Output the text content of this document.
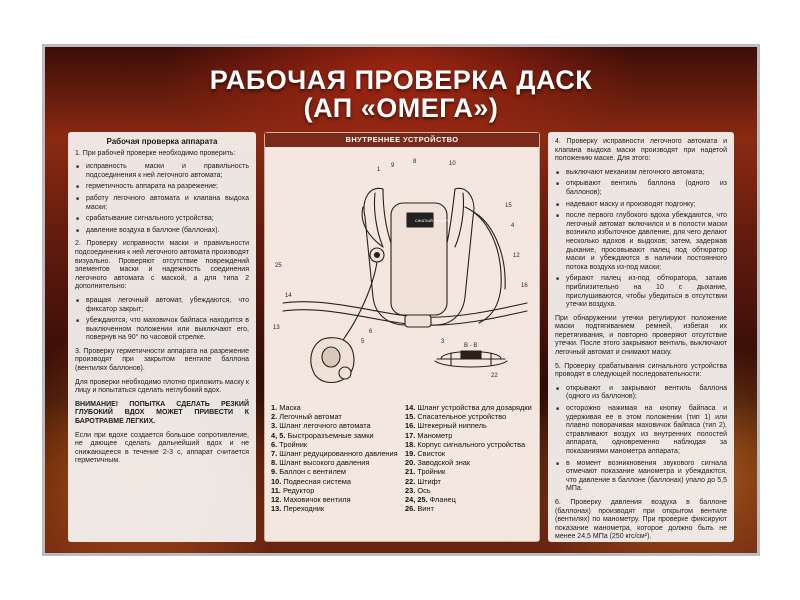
РАБОЧАЯ ПРОВЕРКА ДАСК
(АП «ОМЕГА»)
Рабочая проверка аппарата

1. При рабочей проверке необходимо проверить:

■ исправность маски и правильность подсоединения к ней легочного автомата;
■ герметичность аппарата на разрежение;
■ работу легочного автомата и клапана выдоха маски;
■ срабатывание сигнального устройства;
■ давление воздуха в баллоне (баллонах).

2. Проверку исправности маски и правильности подсоединения к ней легочного автомата производят визуально. Проверяют отсутствие повреждений элементов маски и надежность соединения легочного автомата с маской, а для типа 2 дополнительно:

■ вращая легочный автомат, убеждаются, что фиксатор закрыт;
■ убеждаются, что маховичок байпаса находится в выключенном положении или выключают его, повернув на 90° по часовой стрелке.

3. Проверку герметичности аппарата на разрежение производят при закрытом вентиле баллона (вентилях баллонов).

Для проверки необходимо плотно приложить маску к лицу и попытаться сделать неглубокий вдох.

ВНИМАНИЕ! ПОПЫТКА СДЕЛАТЬ РЕЗКИЙ ГЛУБОКИЙ ВДОХ МОЖЕТ ПРИВЕСТИ К БАРОТРАВМЕ ЛЕГКИХ.

Если при вдохе создается большое сопротивление, не дающее сделать дальнейший вдох и не снижающееся в течение 2-3 с, аппарат считается герметичным.

ВНУТРЕННЕЕ УСТРОЙСТВО
СЖАТЫЙ ВОЗДУХ
В - В
1
9
8	10
15
4
12
16
25
14
13
5
6
3
22
1. Маска
2. Легочный автомат
3. Шланг легочного автомата
4, 5. Быстроразъемные замки
6. Тройник
7. Шланг редуцированного давления
8. Шланг высокого давления
9. Баллон с вентилем
10. Подвесная система
11. Редуктор
12. Маховичок вентиля
13. Переходник
14. Шланг устройства для дозарядки
15. Спасательное устройство
16. Штекерный ниппель
17. Манометр
18. Корпус сигнального устройства
19. Свисток
20. Заводской знак
21. Тройник
22. Штифт
23. Ось
24, 25. Фланец
26. Винт

4. Проверку исправности легочного автомата и клапана выдоха маски производят при надетой положению маске. Для этого:

■ выключают механизм легочного автомата;
■ открывают вентиль баллона (одного из баллонов);
■ надевают маску и производят подгонку;
■ после первого глубокого вдоха убеждаются, что легочный автомат включился и в полости маски возникло избыточное давление, для чего делают несколько вдохов и выдохов; затем, задержав дыхание, просовывают палец под обтюратор маски и убеждаются в наличии постоянного потока воздуха из-под маски;
■ убирают палец из-под обтюратора, затаив приблизительно на 10 с дыхание, прислушиваются, чтобы убедиться в отсутствии утечки воздуха.

При обнаружении утечки регулируют положение маски подтягиванием ремней, избегая их перетягивания, и повторно проверяют отсутствие утечки. После этого закрывают вентиль, выключают легочный автомат и снимают маску.

5. Проверку срабатывания сигнального устройства проводят в следующей последовательности:

■ открывают и закрывают вентиль баллона (одного из баллонов);
■ осторожно нажимая на кнопку байпаса и удерживая ее в этом положении (тип 1) или плавно поворачивая маховичок байпаса (тип 2), стравливают воздух из внутренних полостей аппарата, одновременно наблюдая за показаниями манометра аппарата;
■ в момент возникновения звукового сигнала отмечают показание манометра и убеждаются, что давление в баллоне (баллонах) упало до 5,5 МПа.

6. Проверку давления воздуха в баллоне (баллонах) производят при открытом вентиле (вентилях) по манометру. При проверке фиксируют показание манометра, которое должно быть не менее 24,5 МПа (250 кгс/см²).
